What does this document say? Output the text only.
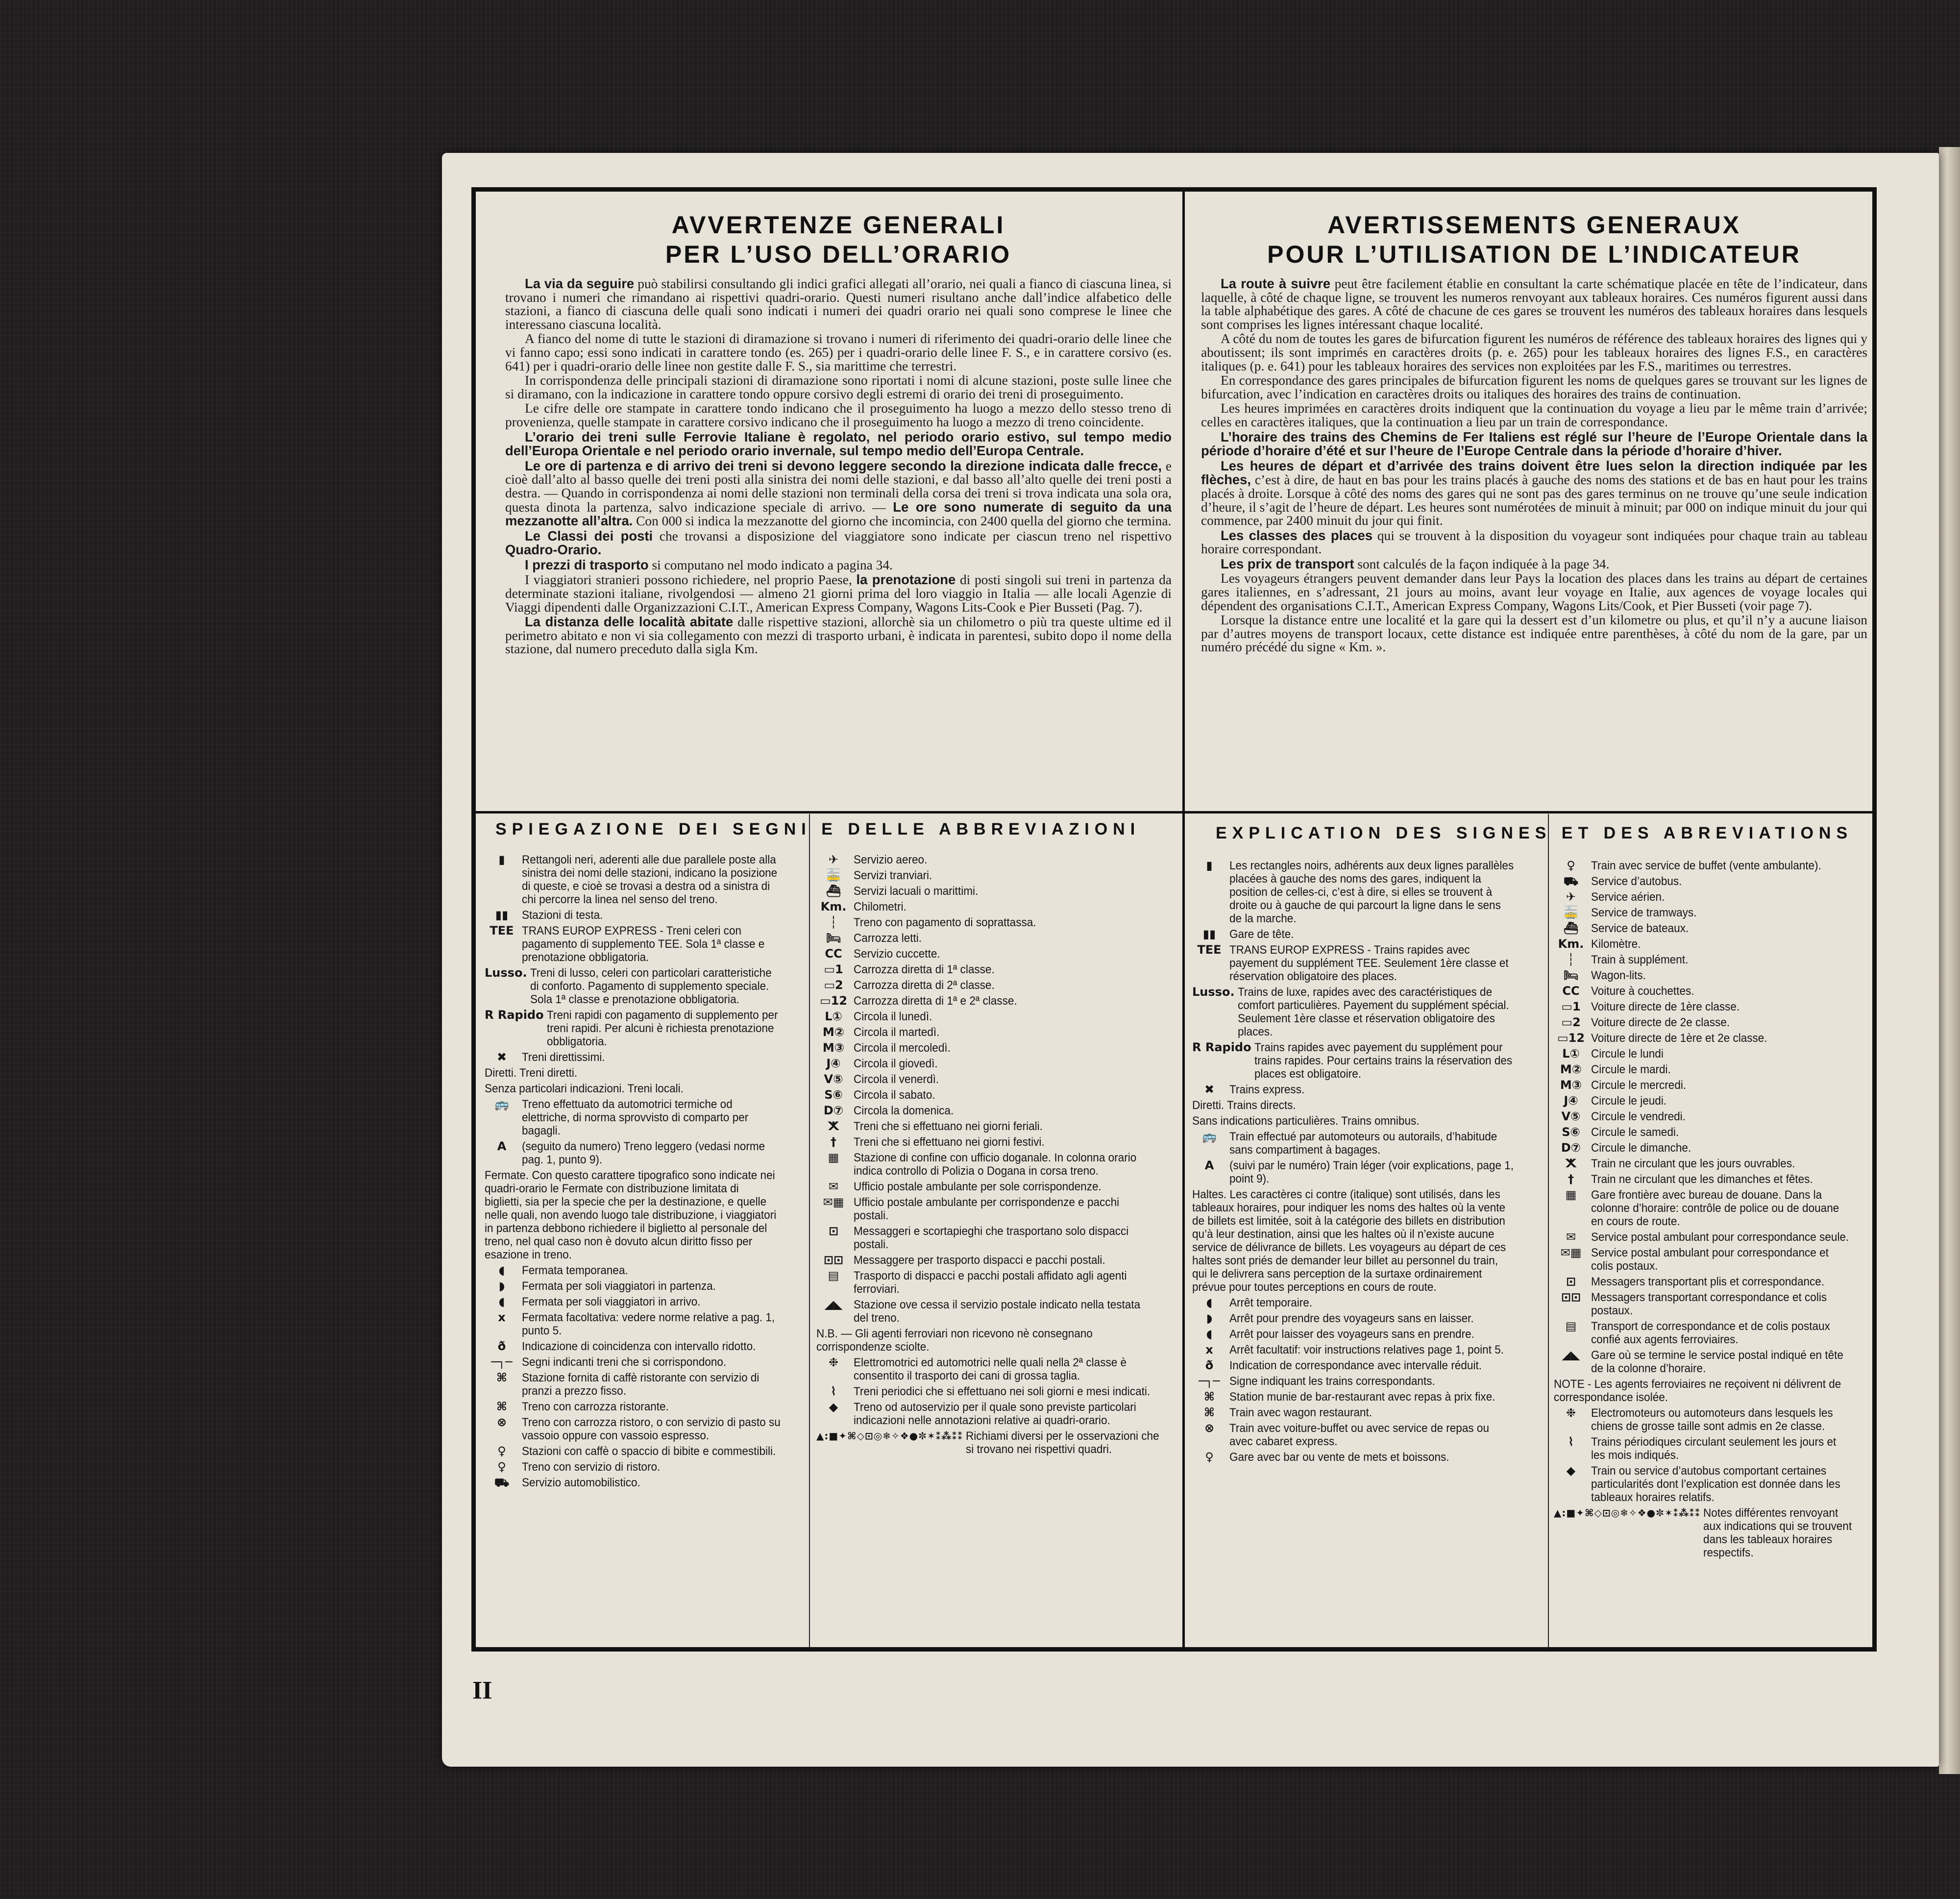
AVVERTENZE GENERALI
PER L’USO DELL’ORARIO

La via da seguire può stabilirsi consultando gli indici grafici allegati all’orario, nei quali a fianco di ciascuna linea, si trovano i numeri che rimandano ai rispettivi quadri-orario. Questi numeri risultano anche dall’indice alfabetico delle stazioni, a fianco di ciascuna delle quali sono indicati i numeri dei quadri orario nei quali sono comprese le linee che interessano ciascuna località.

A fianco del nome di tutte le stazioni di diramazione si trovano i numeri di riferimento dei quadri-orario delle linee che vi fanno capo; essi sono indicati in carattere tondo (es. 265) per i quadri-orario delle linee F. S., e in carattere corsivo (es. 641) per i quadri-orario delle linee non gestite dalle F. S., sia marittime che terrestri.

In corrispondenza delle principali stazioni di diramazione sono riportati i nomi di alcune stazioni, poste sulle linee che si diramano, con la indicazione in carattere tondo oppure corsivo degli estremi di orario dei treni di proseguimento.

Le cifre delle ore stampate in carattere tondo indicano che il proseguimento ha luogo a mezzo dello stesso treno di provenienza, quelle stampate in carattere corsivo indicano che il proseguimento ha luogo a mezzo di treno coincidente.

L’orario dei treni sulle Ferrovie Italiane è regolato, nel periodo orario estivo, sul tempo medio dell’Europa Orientale e nel periodo orario invernale, sul tempo medio dell’Europa Centrale.

Le ore di partenza e di arrivo dei treni si devono leggere secondo la direzione indicata dalle frecce, e cioè dall’alto al basso quelle dei treni posti alla sinistra dei nomi delle stazioni, e dal basso all’alto quelle dei treni posti a destra. — Quando in corrispondenza ai nomi delle stazioni non terminali della corsa dei treni si trova indicata una sola ora, questa dinota la partenza, salvo indicazione speciale di arrivo. — Le ore sono numerate di seguito da una mezzanotte all’altra. Con 000 si indica la mezzanotte del giorno che incomincia, con 2400 quella del giorno che termina.

Le Classi dei posti che trovansi a disposizione del viaggiatore sono indicate per ciascun treno nel rispettivo Quadro-Orario.

I prezzi di trasporto si computano nel modo indicato a pagina 34.

I viaggiatori stranieri possono richiedere, nel proprio Paese, la prenotazione di posti singoli sui treni in partenza da determinate stazioni italiane, rivolgendosi — almeno 21 giorni prima del loro viaggio in Italia — alle locali Agenzie di Viaggi dipendenti dalle Organizzazioni C.I.T., American Express Company, Wagons Lits-Cook e Pier Busseti (Pag. 7).

La distanza delle località abitate dalle rispettive stazioni, allorchè sia un chilometro o più tra queste ultime ed il perimetro abitato e non vi sia collegamento con mezzi di trasporto urbani, è indicata in parentesi, subito dopo il nome della stazione, dal numero preceduto dalla sigla Km.

AVERTISSEMENTS GENERAUX
POUR L’UTILISATION DE L’INDICATEUR

La route à suivre peut être facilement établie en consultant la carte schématique placée en tête de l’indicateur, dans laquelle, à côté de chaque ligne, se trouvent les numeros renvoyant aux tableaux horaires. Ces numéros figurent aussi dans la table alphabétique des gares. A côté de chacune de ces gares se trouvent les numéros des tableaux horaires dans lesquels sont comprises les lignes intéressant chaque localité.

A côté du nom de toutes les gares de bifurcation figurent les numéros de référence des tableaux horaires des lignes qui y aboutissent; ils sont imprimés en caractères droits (p. e. 265) pour les tableaux horaires des lignes F.S., en caractères italiques (p. e. 641) pour les tableaux horaires des services non exploitées par les F.S., maritimes ou terrestres.

En correspondance des gares principales de bifurcation figurent les noms de quelques gares se trouvant sur les lignes de bifurcation, avec l’indication en caractères droits ou italiques des horaires des trains de continuation.

Les heures imprimées en caractères droits indiquent que la continuation du voyage a lieu par le même train d’arrivée; celles en caractères italiques, que la continuation a lieu par un train de correspondance.

L’horaire des trains des Chemins de Fer Italiens est réglé sur l’heure de l’Europe Orientale dans la période d’horaire d’été et sur l’heure de l’Europe Centrale dans la période d’horaire d’hiver.

Les heures de départ et d’arrivée des trains doivent être lues selon la direction indiquée par les flèches, c’est à dire, de haut en bas pour les trains placés à gauche des noms des stations et de bas en haut pour les trains placés à droite. Lorsque à côté des noms des gares qui ne sont pas des gares terminus on ne trouve qu’une seule indication d’heure, il s’agit de l’heure de départ. Les heures sont numérotées de minuit à minuit; par 000 on indique minuit du jour qui commence, par 2400 minuit du jour qui finit.

Les classes des places qui se trouvent à la disposition du voyageur sont indiquées pour chaque train au tableau horaire correspondant.

Les prix de transport sont calculés de la façon indiquée à la page 34.

Les voyageurs étrangers peuvent demander dans leur Pays la location des places dans les trains au départ de certaines gares italiennes, en s’adressant, 21 jours au moins, avant leur voyage en Italie, aux agences de voyage locales qui dépendent des organisations C.I.T., American Express Company, Wagons Lits/Cook, et Pier Busseti (voir page 7).

Lorsque la distance entre une localité et la gare qui la dessert est d’un kilometre ou plus, et qu’il n’y a aucune liaison par d’autres moyens de transport locaux, cette distance est indiquée entre parenthèses, à côté du nom de la gare, par un numéro précédé du signe « Km. ».

SPIEGAZIONE DEI SEGNI E DELLE ABBREVIAZIONI	EXPLICATION DES SIGNES ET DES ABREVIATIONS
▮	Rettangoli neri, aderenti alle due parallele poste alla sinistra dei nomi delle stazioni, indicano la posizione di queste, e cioè se trovasi a destra od a sinistra di chi percorre la linea nel senso del treno.
▮▮	Stazioni di testa.
TEE TRANS EUROP EXPRESS - Treni celeri con pagamento di supplemento TEE. Sola 1ª classe e prenotazione obbligatoria.
Lusso. Treni di lusso, celeri con particolari caratteristiche di conforto. Pagamento di supplemento speciale. Sola 1ª classe e prenotazione obbligatoria.
R Rapido Treni rapidi con pagamento di supplemento per treni rapidi. Per alcuni è richiesta prenotazione obbligatoria.
✖	Treni direttissimi.
Diretti. Treni diretti.
Senza particolari indicazioni. Treni locali.
🚌	Treno effettuato da automotrici termiche od elettriche, di norma sprovvisto di comparto per bagagli.
A	(seguito da numero) Treno leggero (vedasi norme pag. 1, punto 9).
Fermate. Con questo carattere tipografico sono indicate nei quadri-orario le Fermate con distribuzione limitata di biglietti, sia per la specie che per la destinazione, e quelle nelle quali, non avendo luogo tale distribuzione, i viaggiatori in partenza debbono richiedere il biglietto al personale del treno, nel qual caso non è dovuto alcun diritto fisso per esazione in treno.
◖	Fermata temporanea.
◗	Fermata per soli viaggiatori in partenza.
◖	Fermata per soli viaggiatori in arrivo.
x	Fermata facoltativa: vedere norme relative a pag. 1, punto 5.
ð	Indicazione di coincidenza con intervallo ridotto.
─┐─ Segni indicanti treni che si corrispondono.
⌘	Stazione fornita di caffè ristorante con servizio di pranzi a prezzo fisso.
⌘	Treno con carrozza ristorante.
⊗	Treno con carrozza ristoro, o con servizio di pasto su vassoio oppure con vassoio espresso.
♀	Stazioni con caffè o spaccio di bibite e commestibili.
♀	Treno con servizio di ristoro.
⛟	Servizio automobilistico.
✈	Servizio aereo.
🚋	Servizi tranviari.
⛴	Servizi lacuali o marittimi.
Km. Chilometri.
┆	Treno con pagamento di soprattassa.
🛏	Carrozza letti.
CC Servizio cuccette.
▭1 Carrozza diretta di 1ª classe.
▭2 Carrozza diretta di 2ª classe.
▭12 Carrozza diretta di 1ª e 2ª classe.
L① Circola il lunedì.
M② Circola il martedì.
M③ Circola il mercoledì.
J④	Circola il giovedì.
V⑤ Circola il venerdì.
S⑥ Circola il sabato.
D⑦ Circola la domenica.
ⵅ	Treni che si effettuano nei giorni feriali.
†	Treni che si effettuano nei giorni festivi.
▦	Stazione di confine con ufficio doganale. In colonna orario indica controllo di Polizia o Dogana in corsa treno.
✉	Ufficio postale ambulante per sole corrispondenze.
✉▦ Ufficio postale ambulante per corrispondenze e pacchi postali.
⊡	Messaggeri e scortapieghi che trasportano solo dispacci postali.
⊡⊡ Messaggere per trasporto dispacci e pacchi postali.
▤	Trasporto di dispacci e pacchi postali affidato agli agenti ferroviari.
◢◣ Stazione ove cessa il servizio postale indicato nella testata del treno.
N.B. — Gli agenti ferroviari non ricevono nè consegnano corrispondenze sciolte.
❉	Elettromotrici ed automotrici nelle quali nella 2ª classe è consentito il trasporto dei cani di grossa taglia.
⌇	Treni periodici che si effettuano nei soli giorni e mesi indicati.
◆	Treno od autoservizio per il quale sono previste particolari indicazioni nelle annotazioni relative ai quadri-orario.
▲:■✦⌘◇⊡◎❄✧❖●✼✶⁑⁂⁑⁑ Richiami diversi per le osservazioni che si trovano nei rispettivi quadri.
▮	Les rectangles noirs, adhérents aux deux lignes parallèles placées à gauche des noms des gares, indiquent la position de celles-ci, c’est à dire, si elles se trouvent à droite ou à gauche de qui parcourt la ligne dans le sens de la marche.
▮▮	Gare de tête.
TEE TRANS EUROP EXPRESS - Trains rapides avec payement du supplément TEE. Seulement 1ère classe et réservation obligatoire des places.
Lusso. Trains de luxe, rapides avec des caractéristiques de comfort particulières. Payement du supplément spécial. Seulement 1ère classe et réservation obligatoire des places.
R Rapido Trains rapides avec payement du supplément pour trains rapides. Pour certains trains la réservation des places est obligatoire.
✖	Trains express.
Diretti. Trains directs.
Sans indications particulières. Trains omnibus.
🚌	Train effectué par automoteurs ou autorails, d’habitude sans compartiment à bagages.
A	(suivi par le numéro) Train léger (voir explications, page 1, point 9).
Haltes. Les caractères ci contre (italique) sont utilisés, dans les tableaux horaires, pour indiquer les noms des haltes où la vente de billets est limitée, soit à la catégorie des billets en distribution qu’à leur destination, ainsi que les haltes où il n’existe aucune service de délivrance de billets. Les voyageurs au départ de ces haltes sont priés de demander leur billet au personnel du train, qui le delivrera sans perception de la surtaxe ordinairement prévue pour toutes perceptions en cours de route.
◖	Arrêt temporaire.
◗	Arrêt pour prendre des voyageurs sans en laisser.
◖	Arrêt pour laisser des voyageurs sans en prendre.
x	Arrêt facultatif: voir instructions relatives page 1, point 5.
ð	Indication de correspondance avec intervalle réduit.
─┐─ Signe indiquant les trains correspondants.
⌘	Station munie de bar-restaurant avec repas à prix fixe.
⌘	Train avec wagon restaurant.
⊗	Train avec voiture-buffet ou avec service de repas ou avec cabaret express.
♀	Gare avec bar ou vente de mets et boissons.
♀	Train avec service de buffet (vente ambulante).
⛟	Service d’autobus.
✈	Service aérien.
🚋	Service de tramways.
⛴	Service de bateaux.
Km. Kilomètre.
┆	Train à supplément.
🛏	Wagon-lits.
CC Voiture à couchettes.
▭1 Voiture directe de 1ère classe.
▭2 Voiture directe de 2e classe.
▭12 Voiture directe de 1ère et 2e classe.
L① Circule le lundi
M② Circule le mardi.
M③ Circule le mercredi.
J④	Circule le jeudi.
V⑤ Circule le vendredi.
S⑥ Circule le samedi.
D⑦ Circule le dimanche.
ⵅ	Train ne circulant que les jours ouvrables.
†	Train ne circulant que les dimanches et fêtes.
▦	Gare frontière avec bureau de douane. Dans la colonne d’horaire: contrôle de police ou de douane en cours de route.
✉	Service postal ambulant pour correspondance seule.
✉▦ Service postal ambulant pour correspondance et colis postaux.
⊡	Messagers transportant plis et correspondance.
⊡⊡ Messagers transportant correspondance et colis postaux.
▤	Transport de correspondance et de colis postaux confié aux agents ferroviaires.
◢◣ Gare où se termine le service postal indiqué en tête de la colonne d’horaire.
NOTE - Les agents ferroviaires ne reçoivent ni délivrent de correspondance isolée.
❉	Electromoteurs ou automoteurs dans lesquels les chiens de grosse taille sont admis en 2e classe.
⌇	Trains périodiques circulant seulement les jours et les mois indiqués.
◆	Train ou service d’autobus comportant certaines particularités dont l’explication est donnée dans les tableaux horaires relatifs.
▲:■✦⌘◇⊡◎❄✧❖●✼✶⁑⁂⁑⁑ Notes différentes renvoyant aux indications qui se trouvent dans les tableaux horaires respectifs.
II
